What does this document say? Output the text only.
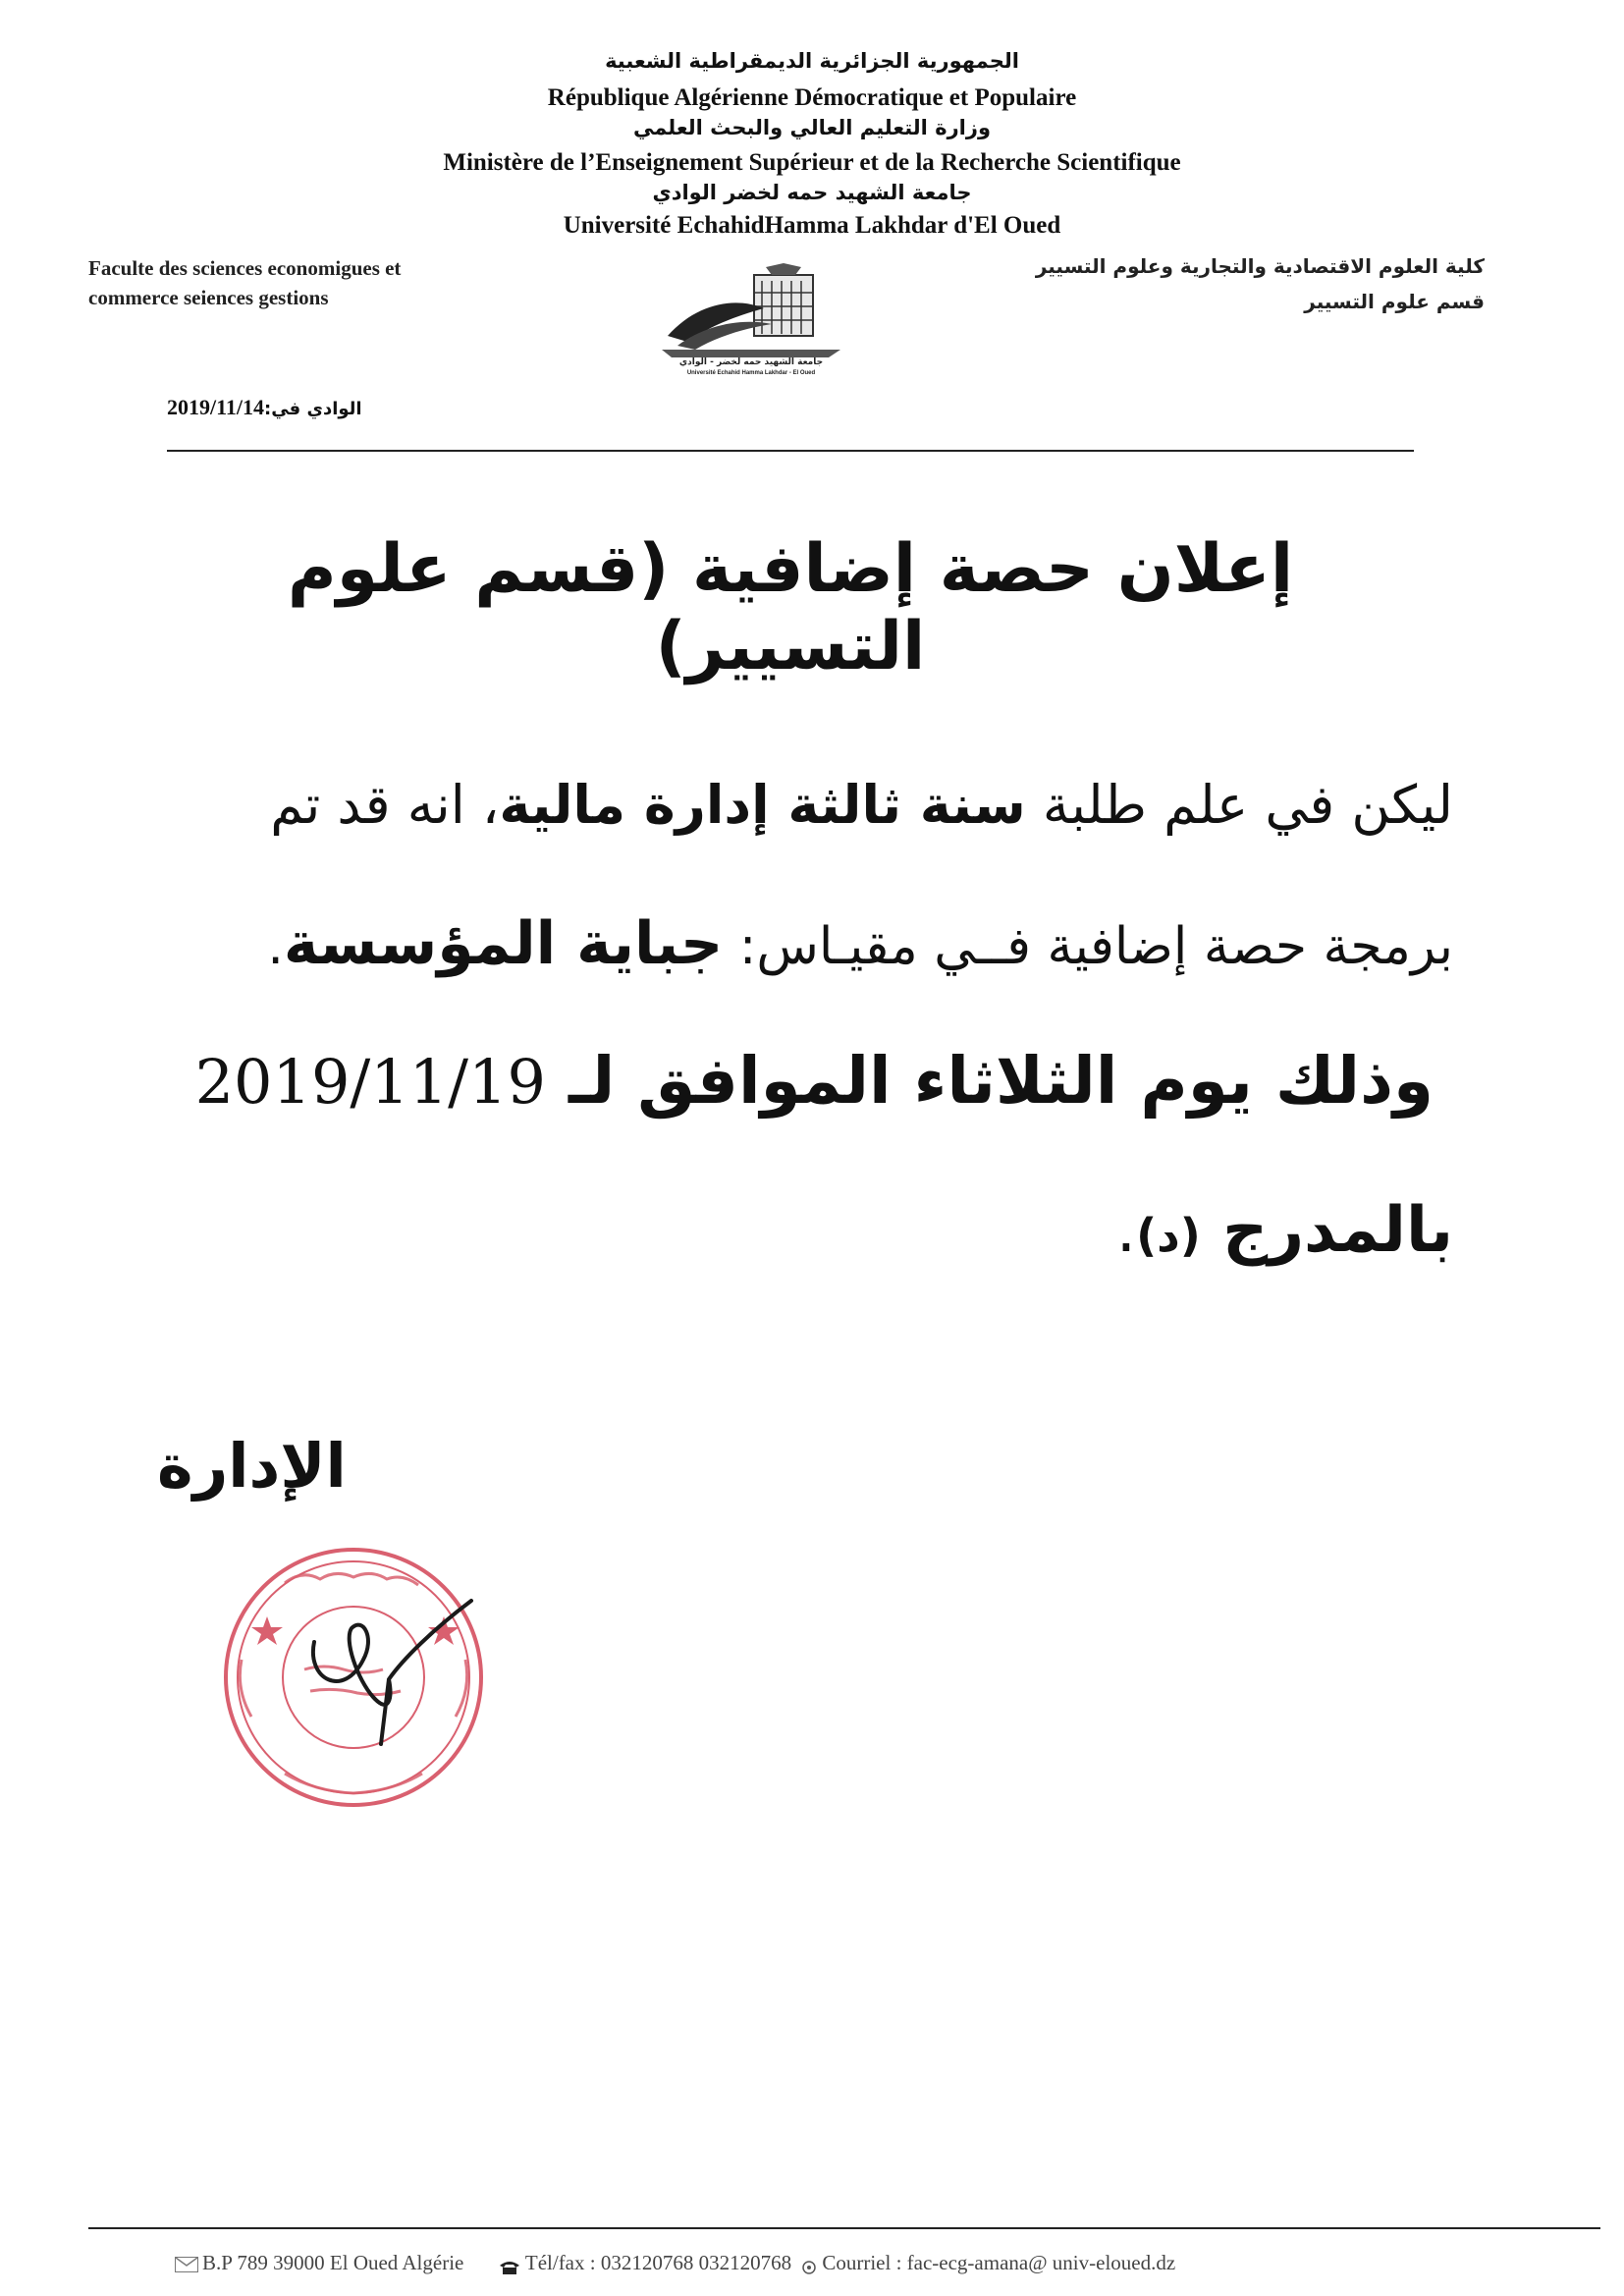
الجمهورية الجزائرية الديمقراطية الشعبية
République Algérienne Démocratique et Populaire
وزارة التعليم العالي والبحث العلمي
Ministère de l’Enseignement Supérieur et de la Recherche Scientifique
جامعة الشهيد حمه لخضر الوادي
Université EchahidHamma Lakhdar d'El Oued
Faculte des sciences economigues et
commerce seiences gestions
كلية العلوم الاقتصادية والتجارية وعلوم التسيير
قسم علوم التسيير
جامعة الشهيد حمه لخضر - الوادي
Université Echahid Hamma Lakhdar - El Oued
الوادي في:2019/11/14
إعلان حصة إضافية (قسم علوم التسيير)
ليكن في علم طلبة سنة ثالثة إدارة مالية، انه قد تم
برمجة حصة إضافية فــي مقيـاس: جباية المؤسسة.
وذلك يوم الثلاثاء الموافق لـ 2019/11/19
بالمدرج (د).
الإدارة
B.P 789 39000 El Oued Algérie	Tél/fax : 032120768 032120768 Courriel : fac-ecg-amana@ univ-eloued.dz
